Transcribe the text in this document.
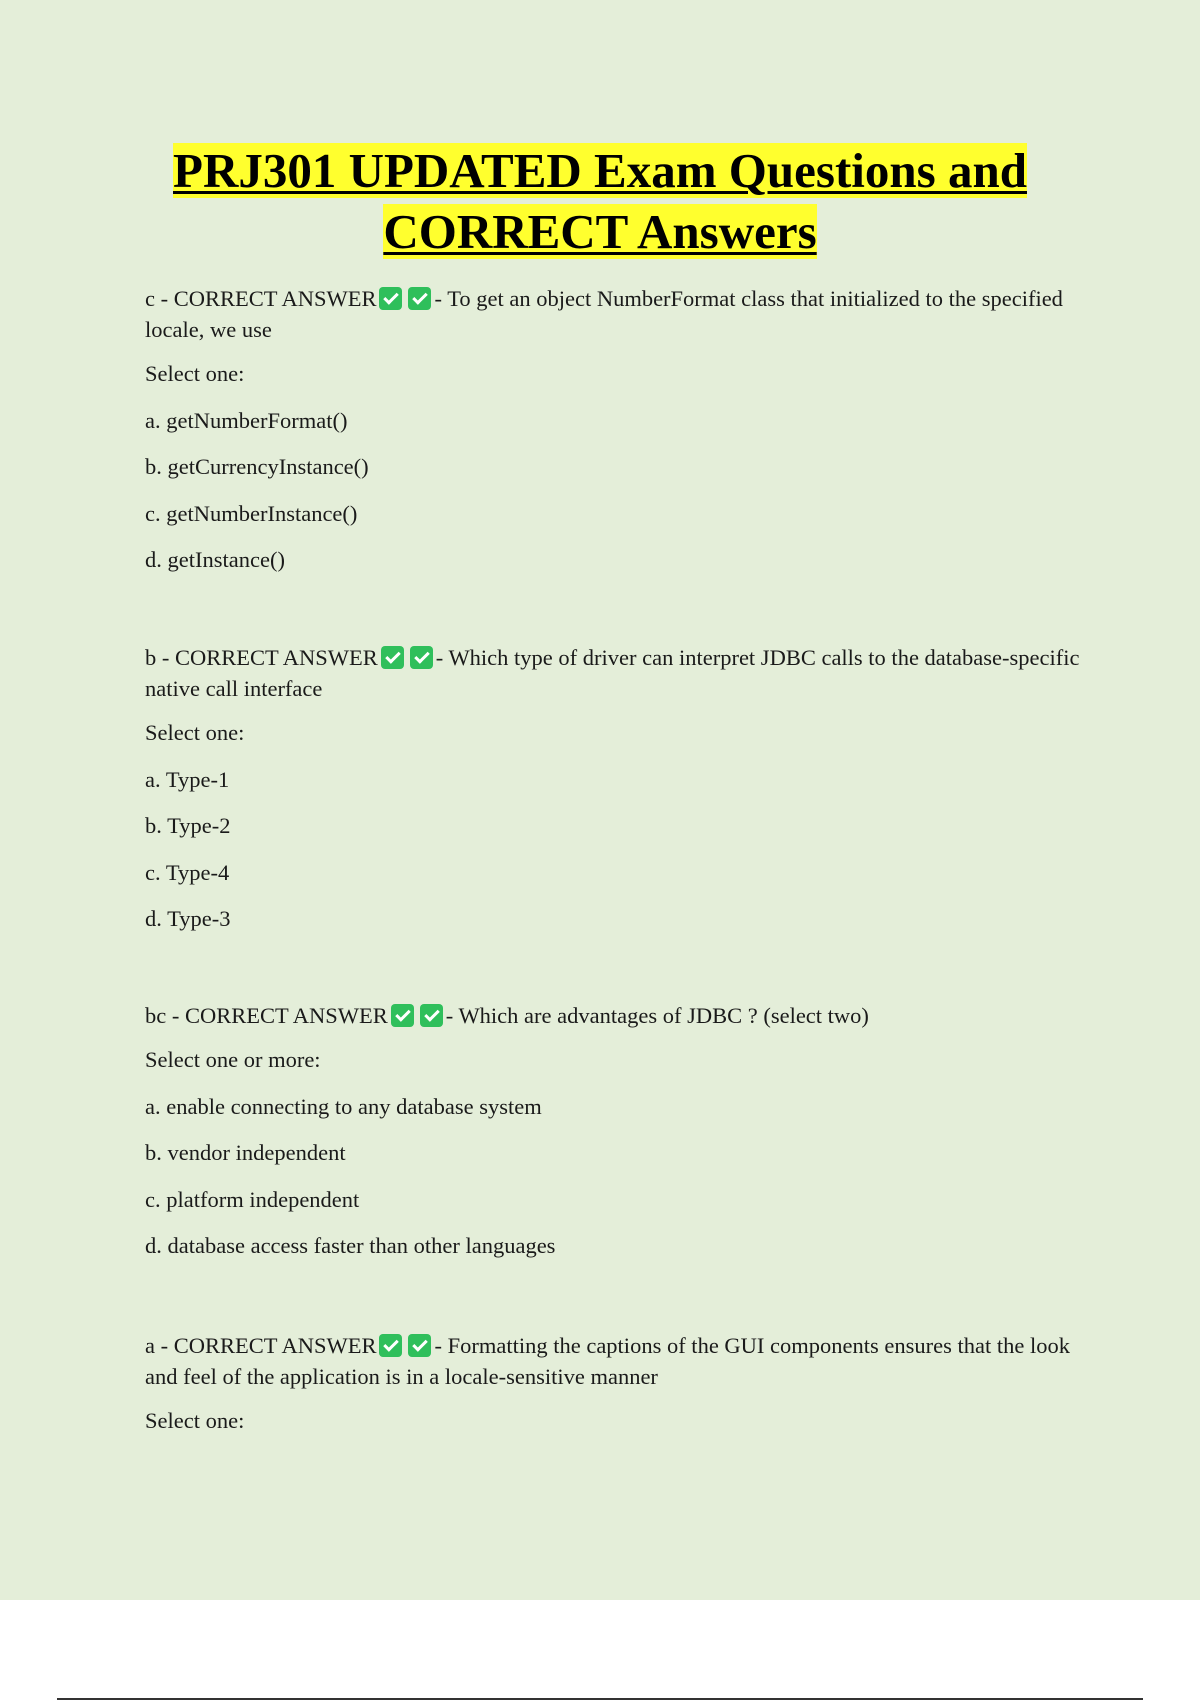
PRJ301 UPDATED Exam Questions and
CORRECT Answers

c - CORRECT ANSWER	- To get an object NumberFormat class that initialized to the specified locale, we use

Select one:

a. getNumberFormat()

b. getCurrencyInstance()

c. getNumberInstance()

d. getInstance()

b - CORRECT ANSWER	- Which type of driver can interpret JDBC calls to the database-specific native call interface

Select one:

a. Type-1

b. Type-2

c. Type-4

d. Type-3

bc - CORRECT ANSWER	- Which are advantages of JDBC ? (select two)

Select one or more:

a. enable connecting to any database system

b. vendor independent

c. platform independent

d. database access faster than other languages

a - CORRECT ANSWER	- Formatting the captions of the GUI components ensures that the look and feel of the application is in a locale-sensitive manner

Select one:
